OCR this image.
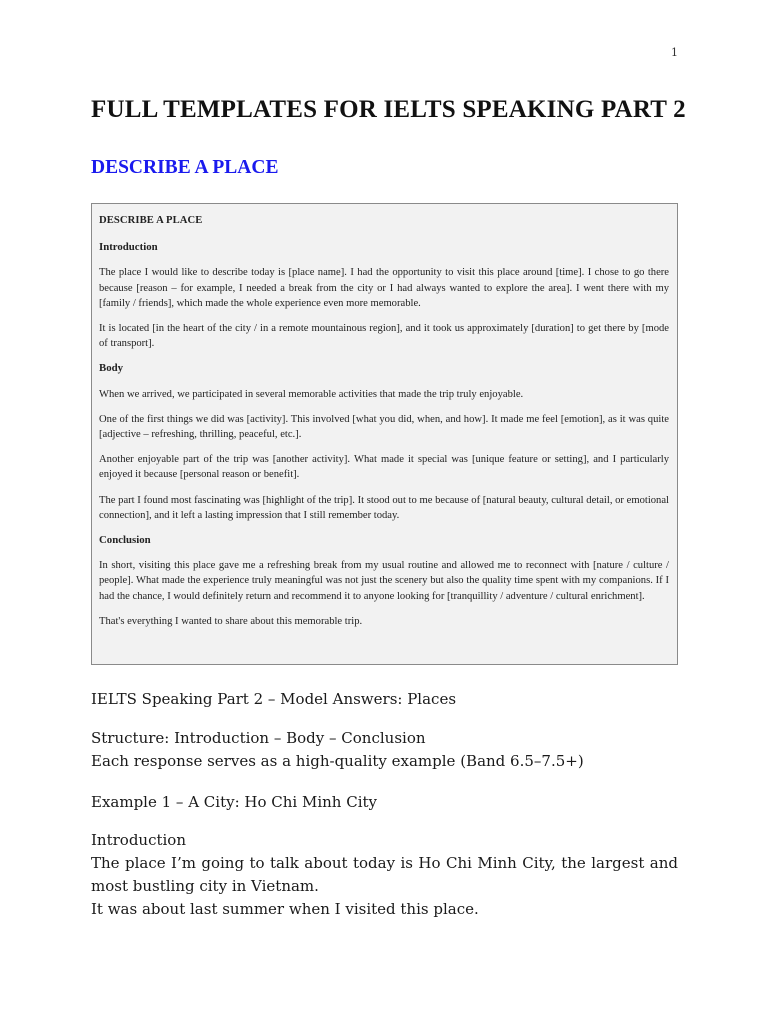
1
FULL TEMPLATES FOR IELTS SPEAKING PART 2
DESCRIBE A PLACE
DESCRIBE A PLACE
Introduction

The place I would like to describe today is [place name]. I had the opportunity to visit this place around [time]. I chose to go there because [reason – for example, I needed a break from the city or I had always wanted to explore the area]. I went there with my [family / friends], which made the whole experience even more memorable.

It is located [in the heart of the city / in a remote mountainous region], and it took us approximately [duration] to get there by [mode of transport].

Body

When we arrived, we participated in several memorable activities that made the trip truly enjoyable.

One of the first things we did was [activity]. This involved [what you did, when, and how]. It made me feel [emotion], as it was quite [adjective – refreshing, thrilling, peaceful, etc.].

Another enjoyable part of the trip was [another activity]. What made it special was [unique feature or setting], and I particularly enjoyed it because [personal reason or benefit].

The part I found most fascinating was [highlight of the trip]. It stood out to me because of [natural beauty, cultural detail, or emotional connection], and it left a lasting impression that I still remember today.

Conclusion

In short, visiting this place gave me a refreshing break from my usual routine and allowed me to reconnect with [nature / culture / people]. What made the experience truly meaningful was not just the scenery but also the quality time spent with my companions. If I had the chance, I would definitely return and recommend it to anyone looking for [tranquillity / adventure / cultural enrichment].

That's everything I wanted to share about this memorable trip.

IELTS Speaking Part 2 – Model Answers: Places

Structure: Introduction – Body – Conclusion

Each response serves as a high-quality example (Band 6.5–7.5+)

Example 1 – A City: Ho Chi Minh City

Introduction

The place I’m going to talk about today is Ho Chi Minh City, the largest and most bustling city in Vietnam.

It was about last summer when I visited this place.
